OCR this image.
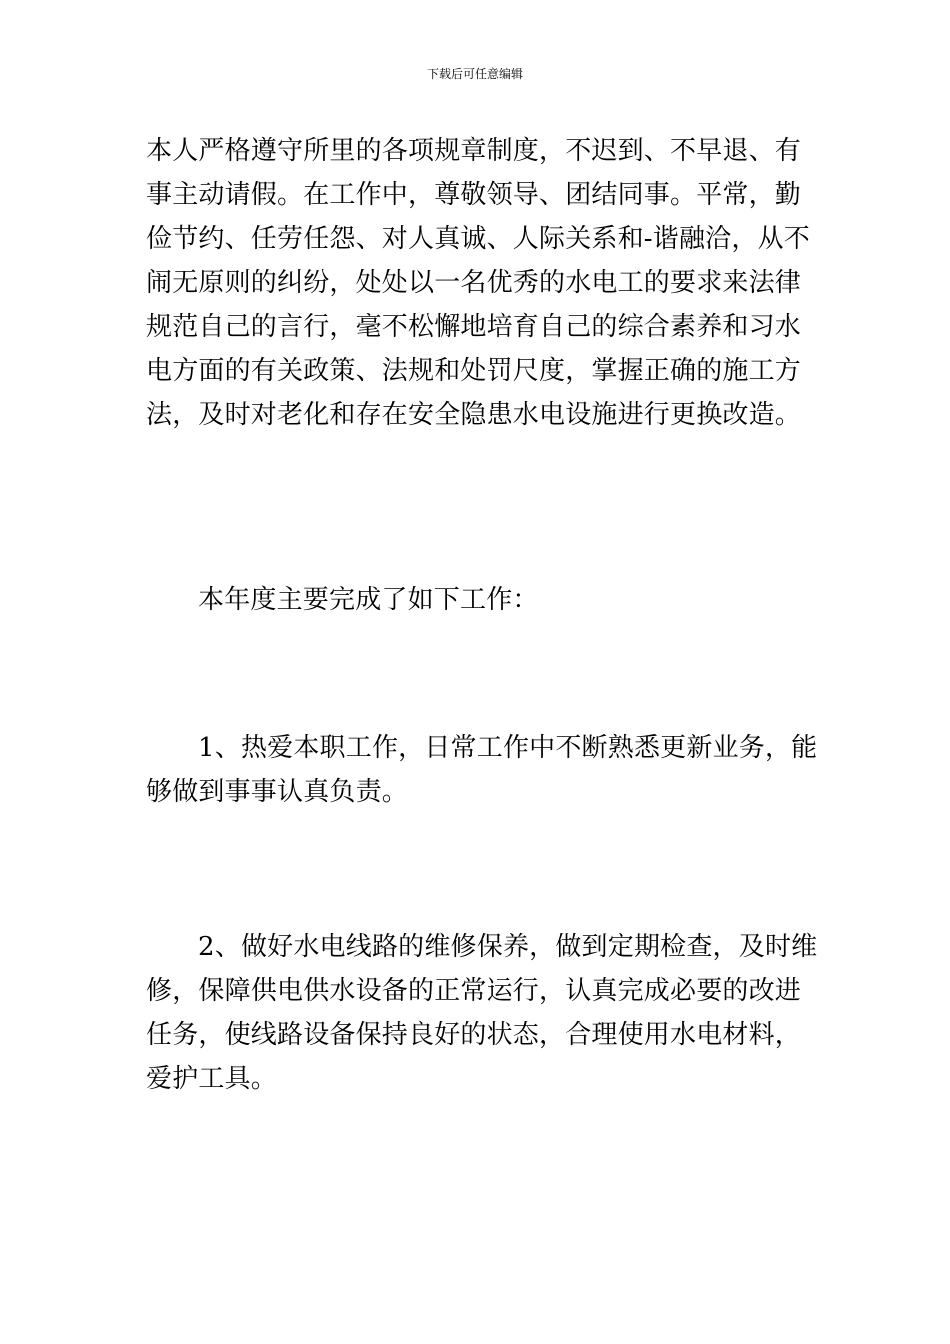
下载后可任意编辑
本人严格遵守所里的各项规章制度，不迟到、不早退、有
事主动请假。在工作中，尊敬领导、团结同事。平常，勤
俭节约、任劳任怨、对人真诚、人际关系和-谐融洽，从不
闹无原则的纠纷，处处以一名优秀的水电工的要求来法律
规范自己的言行，毫不松懈地培育自己的综合素养和习水
电方面的有关政策、法规和处罚尺度，掌握正确的施工方
法，及时对老化和存在安全隐患水电设施进行更换改造。
本年度主要完成了如下工作：
1、热爱本职工作，日常工作中不断熟悉更新业务，能
够做到事事认真负责。
2、做好水电线路的维修保养，做到定期检查，及时维
修，保障供电供水设备的正常运行，认真完成必要的改进
任务，使线路设备保持良好的状态，合理使用水电材料，
爱护工具。
